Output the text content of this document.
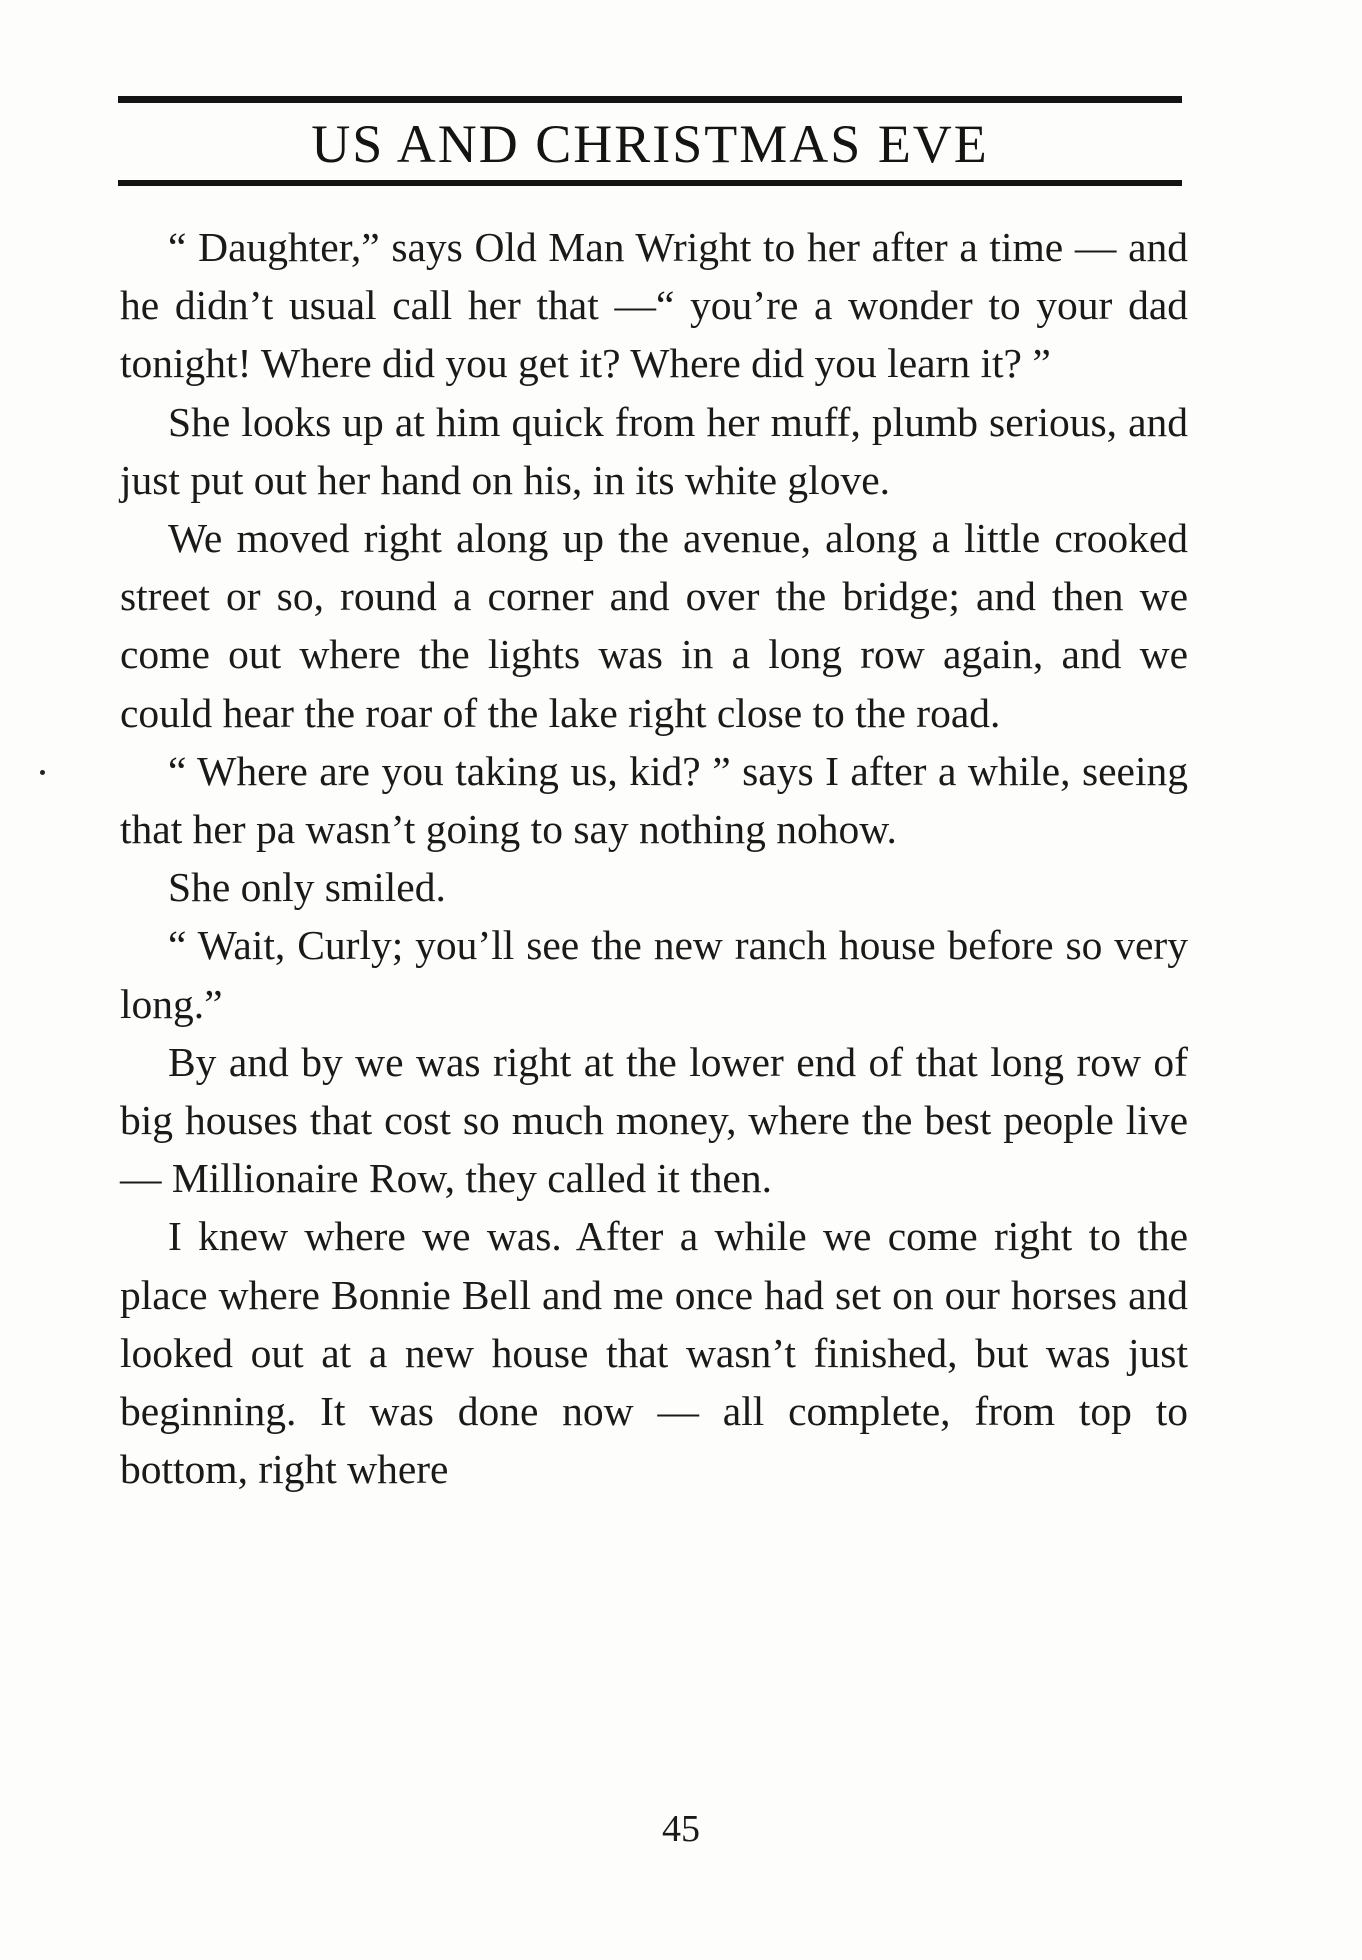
US AND CHRISTMAS EVE

“ Daughter,” says Old Man Wright to her after a time — and he didn’t usual call her that —“ you’re a wonder to your dad tonight! Where did you get it? Where did you learn it? ”

She looks up at him quick from her muff, plumb serious, and just put out her hand on his, in its white glove.

We moved right along up the avenue, along a little crooked street or so, round a corner and over the bridge; and then we come out where the lights was in a long row again, and we could hear the roar of the lake right close to the road.

“ Where are you taking us, kid? ” says I after a while, seeing that her pa wasn’t going to say nothing nohow.

She only smiled.

“ Wait, Curly; you’ll see the new ranch house before so very long.”

By and by we was right at the lower end of that long row of big houses that cost so much money, where the best people live — Millionaire Row, they called it then.

I knew where we was. After a while we come right to the place where Bonnie Bell and me once had set on our horses and looked out at a new house that wasn’t finished, but was just beginning. It was done now — all complete, from top to bottom, right where

45
